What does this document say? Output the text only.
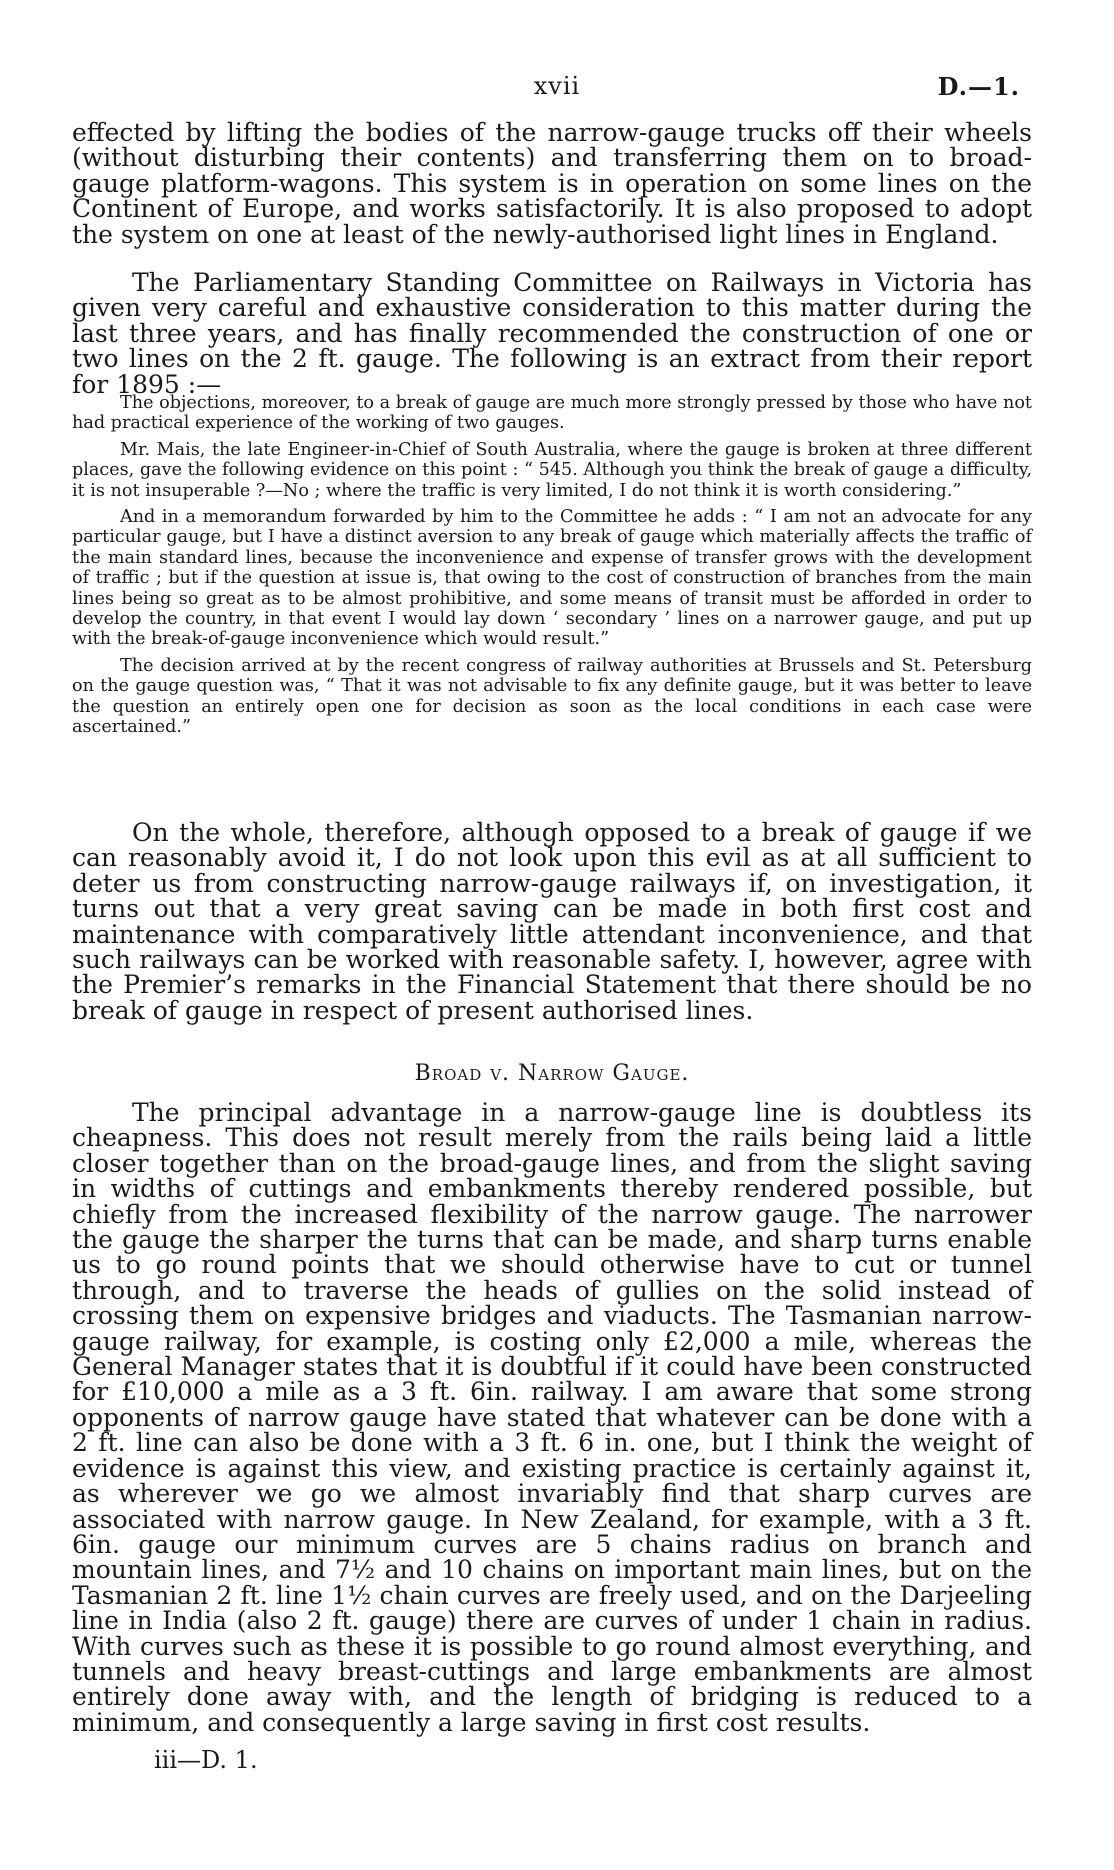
xvii	D.—1.

effected by lifting the bodies of the narrow-gauge trucks off their wheels (without disturbing their contents) and transferring them on to broad-gauge platform-wagons. This system is in operation on some lines on the Continent of Europe, and works satisfactorily. It is also proposed to adopt the system on one at least of the newly-authorised light lines in England.

The Parliamentary Standing Committee on Railways in Victoria has given very careful and exhaustive consideration to this matter during the last three years, and has finally recommended the construction of one or two lines on the 2 ft. gauge. The following is an extract from their report for 1895 :—

The objections, moreover, to a break of gauge are much more strongly pressed by those who have not had practical experience of the working of two gauges.

Mr. Mais, the late Engineer-in-Chief of South Australia, where the gauge is broken at three different places, gave the following evidence on this point : “ 545. Although you think the break of gauge a difficulty, it is not insuperable ?—No ; where the traffic is very limited, I do not think it is worth considering.”

And in a memorandum forwarded by him to the Committee he adds : “ I am not an advocate for any particular gauge, but I have a distinct aversion to any break of gauge which materially affects the traffic of the main standard lines, because the inconvenience and expense of transfer grows with the development of traffic ; but if the question at issue is, that owing to the cost of construction of branches from the main lines being so great as to be almost prohibitive, and some means of transit must be afforded in order to develop the country, in that event I would lay down ‘ secondary ’ lines on a narrower gauge, and put up with the break-of-gauge inconvenience which would result.”

The decision arrived at by the recent congress of railway authorities at Brussels and St. Petersburg on the gauge question was, “ That it was not advisable to fix any definite gauge, but it was better to leave the question an entirely open one for decision as soon as the local conditions in each case were ascertained.”

On the whole, therefore, although opposed to a break of gauge if we can reasonably avoid it, I do not look upon this evil as at all sufficient to deter us from constructing narrow-gauge railways if, on investigation, it turns out that a very great saving can be made in both first cost and maintenance with comparatively little attendant inconvenience, and that such railways can be worked with reasonable safety. I, however, agree with the Premier’s remarks in the Financial Statement that there should be no break of gauge in respect of present authorised lines.

Broad v. Narrow Gauge.

The principal advantage in a narrow-gauge line is doubtless its cheapness. This does not result merely from the rails being laid a little closer together than on the broad-gauge lines, and from the slight saving in widths of cuttings and embankments thereby rendered possible, but chiefly from the increased flexibility of the narrow gauge. The narrower the gauge the sharper the turns that can be made, and sharp turns enable us to go round points that we should otherwise have to cut or tunnel through, and to traverse the heads of gullies on the solid instead of crossing them on expensive bridges and viaducts. The Tasmanian narrow-gauge railway, for example, is costing only £2,000 a mile, whereas the General Manager states that it is doubtful if it could have been constructed for £10,000 a mile as a 3 ft. 6in. railway. I am aware that some strong opponents of narrow gauge have stated that whatever can be done with a 2 ft. line can also be done with a 3 ft. 6 in. one, but I think the weight of evidence is against this view, and existing practice is certainly against it, as wherever we go we almost invariably find that sharp curves are associated with narrow gauge. In New Zealand, for example, with a 3 ft. 6in. gauge our minimum curves are 5 chains radius on branch and mountain lines, and 7½ and 10 chains on important main lines, but on the Tasmanian 2 ft. line 1½ chain curves are freely used, and on the Darjeeling line in India (also 2 ft. gauge) there are curves of under 1 chain in radius. With curves such as these it is possible to go round almost everything, and tunnels and heavy breast-cuttings and large embankments are almost entirely done away with, and the length of bridging is reduced to a minimum, and consequently a large saving in first cost results.

iii—D. 1.
